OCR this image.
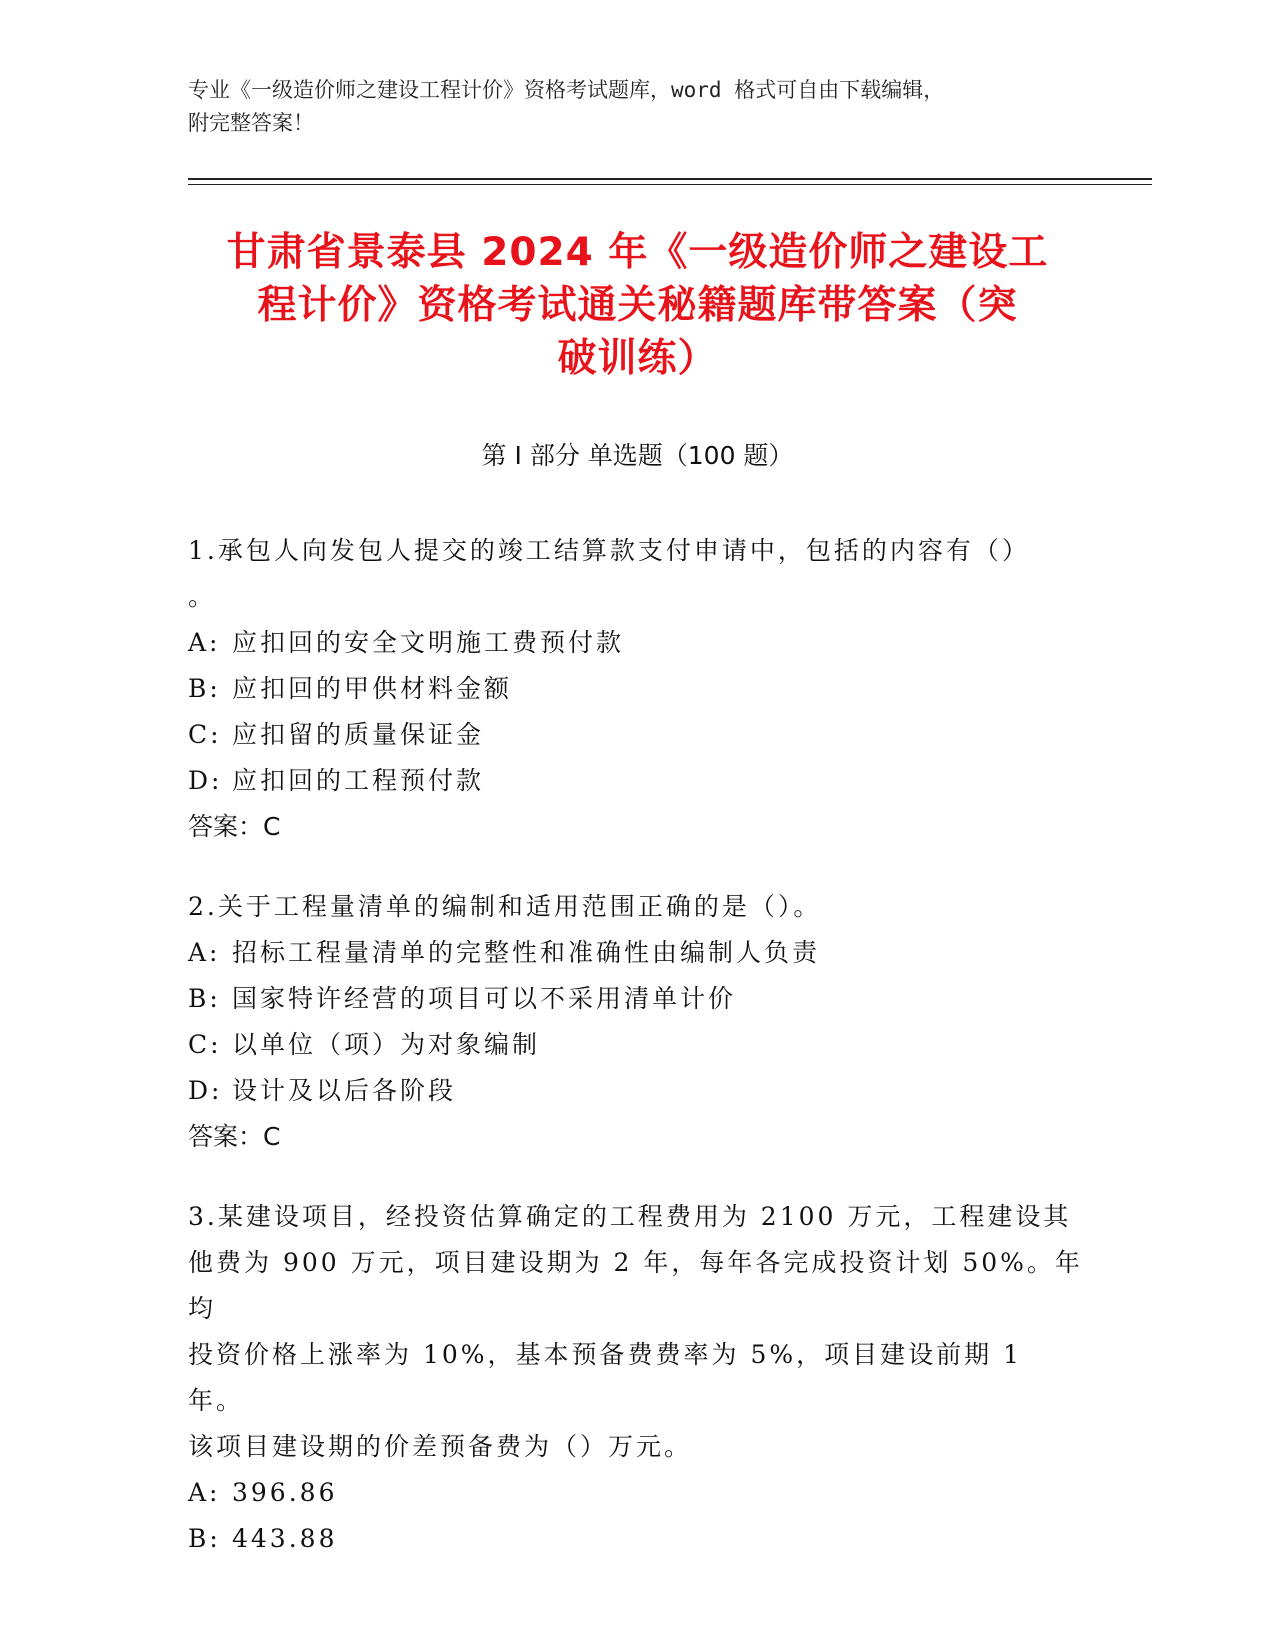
专业《一级造价师之建设工程计价》资格考试题库，word 格式可自由下载编辑，
附完整答案！
甘肃省景泰县 2024 年《一级造价师之建设工
程计价》资格考试通关秘籍题库带答案（突
破训练）
第 I 部分 单选题（100 题）
1.承包人向发包人提交的竣工结算款支付申请中，包括的内容有（）
。
A: 应扣回的安全文明施工费预付款
B: 应扣回的甲供材料金额
C: 应扣留的质量保证金
D: 应扣回的工程预付款
答案：C
2.关于工程量清单的编制和适用范围正确的是（）。
A: 招标工程量清单的完整性和准确性由编制人负责
B: 国家特许经营的项目可以不采用清单计价
C: 以单位（项）为对象编制
D: 设计及以后各阶段
答案：C
3.某建设项目，经投资估算确定的工程费用为 2100 万元，工程建设其
他费为 900 万元，项目建设期为 2 年，每年各完成投资计划 50%。年均
投资价格上涨率为 10%，基本预备费费率为 5%，项目建设前期 1 年。
该项目建设期的价差预备费为（）万元。
A: 396.86
B: 443.88
